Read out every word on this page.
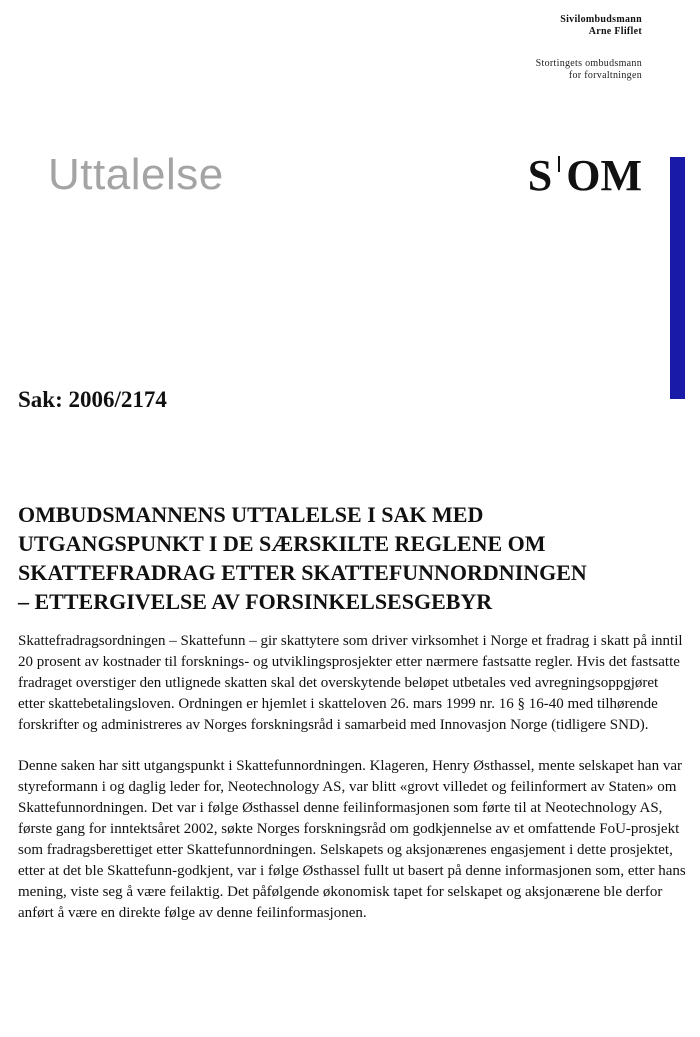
Sivilombudsmann
Arne Fliflet
Stortingets ombudsmann
for forvaltningen
Uttalelse	S OM
Sak: 2006/2174
OMBUDSMANNENS UTTALELSE I SAK MED
UTGANGSPUNKT I DE SÆRSKILTE REGLENE OM
SKATTEFRADRAG ETTER SKATTEFUNNORDNINGEN
– ETTERGIVELSE AV FORSINKELSESGEBYR

Skattefradragsordningen – Skattefunn – gir skattytere som driver virksomhet i Norge et fradrag i skatt på inntil 20 prosent av kostnader til forsknings- og utviklingsprosjekter etter nærmere fastsatte regler. Hvis det fastsatte fradraget overstiger den utlignede skatten skal det overskytende beløpet utbetales ved avregningsoppgjøret etter skattebetalingsloven. Ordningen er hjemlet i skatteloven 26. mars 1999 nr. 16 § 16-40 med tilhørende forskrifter og administreres av Norges forskningsråd i samarbeid med Innovasjon Norge (tidligere SND).

Denne saken har sitt utgangspunkt i Skattefunnordningen. Klageren, Henry Østhassel, mente selskapet han var styreformann i og daglig leder for, Neotechnology AS, var blitt «grovt villedet og feilinformert av Staten» om Skattefunnordningen. Det var i følge Østhassel denne feilinformasjonen som førte til at Neotechnology AS, første gang for inntektsåret 2002, søkte Norges forskningsråd om godkjennelse av et omfattende FoU-prosjekt som fradragsberettiget etter Skattefunnordningen. Selskapets og aksjonærenes engasjement i dette prosjektet, etter at det ble Skattefunn-godkjent, var i følge Østhassel fullt ut basert på denne informasjonen som, etter hans mening, viste seg å være feilaktig. Det påfølgende økonomisk tapet for selskapet og aksjonærene ble derfor anført å være en direkte følge av denne feilinformasjonen.
